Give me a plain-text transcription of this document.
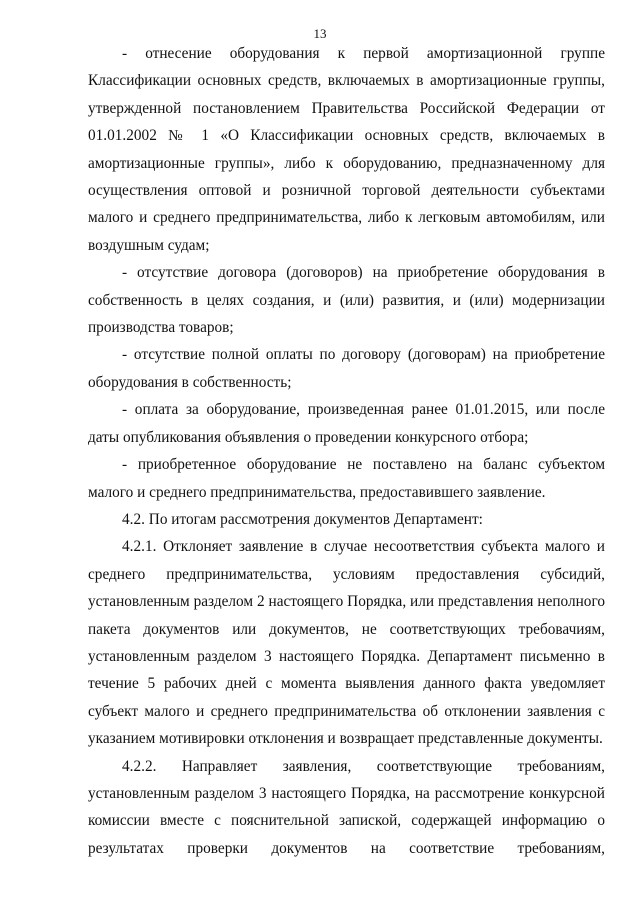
13

- отнесение оборудования к первой амортизационной группе Классификации основных средств, включаемых в амортизационные группы, утвержденной постановлением Правительства Российской Федерации от 01.01.2002 № 1 «О Классификации основных средств, включаемых в амортизационные группы», либо к оборудованию, предназначенному для осуществления оптовой и розничной торговой деятельности субъектами малого и среднего предпринимательства, либо к легковым автомобилям, или воздушным судам;

- отсутствие договора (договоров) на приобретение оборудования в собственность в целях создания, и (или) развития, и (или) модернизации производства товаров;

- отсутствие полной оплаты по договору (договорам) на приобретение оборудования в собственность;

- оплата за оборудование, произведенная ранее 01.01.2015, или после даты опубликования объявления о проведении конкурсного отбора;

- приобретенное оборудование не поставлено на баланс субъектом малого и среднего предпринимательства, предоставившего заявление.

4.2. По итогам рассмотрения документов Департамент:

4.2.1. Отклоняет заявление в случае несоответствия субъекта малого и среднего предпринимательства, условиям предоставления субсидий, установленным разделом 2 настоящего Порядка, или представления неполного пакета документов или документов, не соответствующих требовачиям, установленным разделом 3 настоящего Порядка. Департамент письменно в течение 5 рабочих дней с момента выявления данного факта уведомляет субъект малого и среднего предпринимательства об отклонении заявления с указанием мотивировки отклонения и возвращает представленные документы.

4.2.2. Направляет заявления, соответствующие требованиям, установленным разделом 3 настоящего Порядка, на рассмотрение конкурсной комиссии вместе с пояснительной запиской, содержащей информацию о результатах проверки документов на соответствие требованиям,
